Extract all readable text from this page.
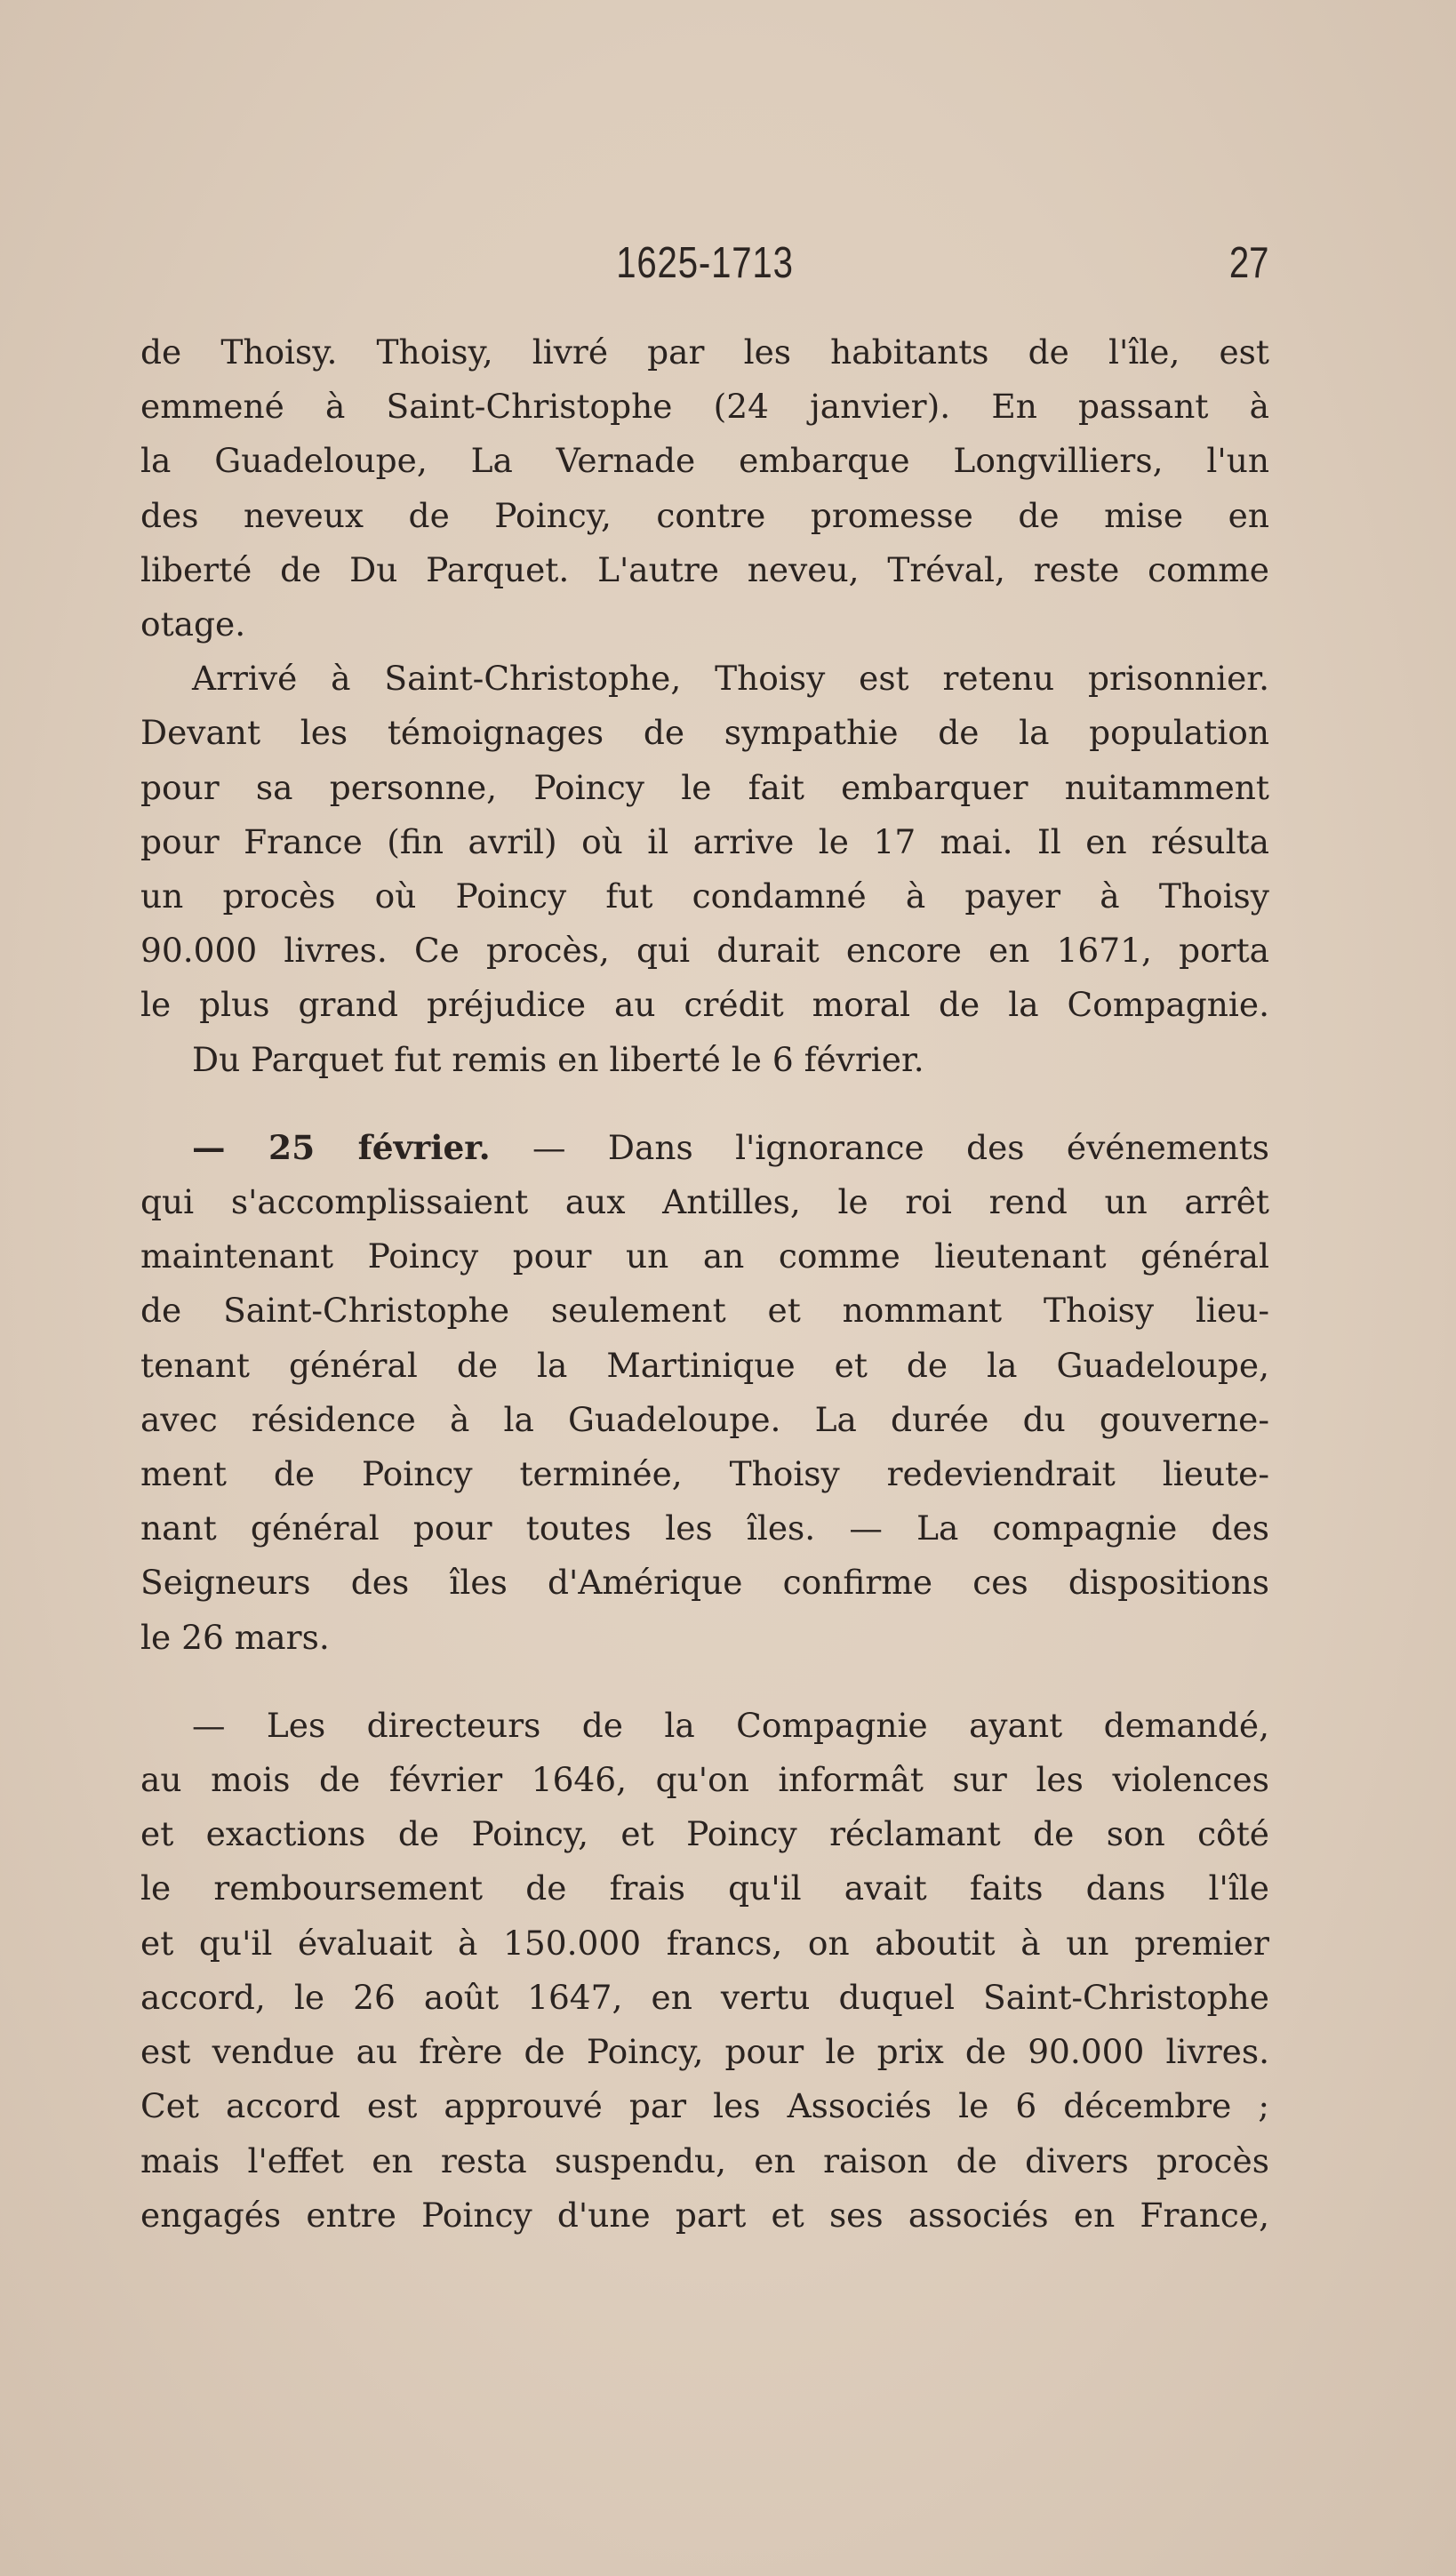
1625-1713	27
de Thoisy. Thoisy, livré par les habitants de l'île, est
emmené à Saint-Christophe (24 janvier). En passant à
la Guadeloupe, La Vernade embarque Longvilliers, l'un
des neveux de Poincy, contre promesse de mise en
liberté de Du Parquet. L'autre neveu, Tréval, reste comme
otage.
Arrivé à Saint-Christophe, Thoisy est retenu prisonnier.
Devant les témoignages de sympathie de la population
pour sa personne, Poincy le fait embarquer nuitamment
pour France (fin avril) où il arrive le 17 mai. Il en résulta
un procès où Poincy fut condamné à payer à Thoisy
90.000 livres. Ce procès, qui durait encore en 1671, porta
le plus grand préjudice au crédit moral de la Compagnie.
Du Parquet fut remis en liberté le 6 février.
— 25 février. — Dans l'ignorance des événements
qui s'accomplissaient aux Antilles, le roi rend un arrêt
maintenant Poincy pour un an comme lieutenant général
de Saint-Christophe seulement et nommant Thoisy lieu-
tenant général de la Martinique et de la Guadeloupe,
avec résidence à la Guadeloupe. La durée du gouverne-
ment de Poincy terminée, Thoisy redeviendrait lieute-
nant général pour toutes les îles. — La compagnie des
Seigneurs des îles d'Amérique confirme ces dispositions
le 26 mars.
— Les directeurs de la Compagnie ayant demandé,
au mois de février 1646, qu'on informât sur les violences
et exactions de Poincy, et Poincy réclamant de son côté
le remboursement de frais qu'il avait faits dans l'île
et qu'il évaluait à 150.000 francs, on aboutit à un premier
accord, le 26 août 1647, en vertu duquel Saint-Christophe
est vendue au frère de Poincy, pour le prix de 90.000 livres.
Cet accord est approuvé par les Associés le 6 décembre ;
mais l'effet en resta suspendu, en raison de divers procès
engagés entre Poincy d'une part et ses associés en France,
